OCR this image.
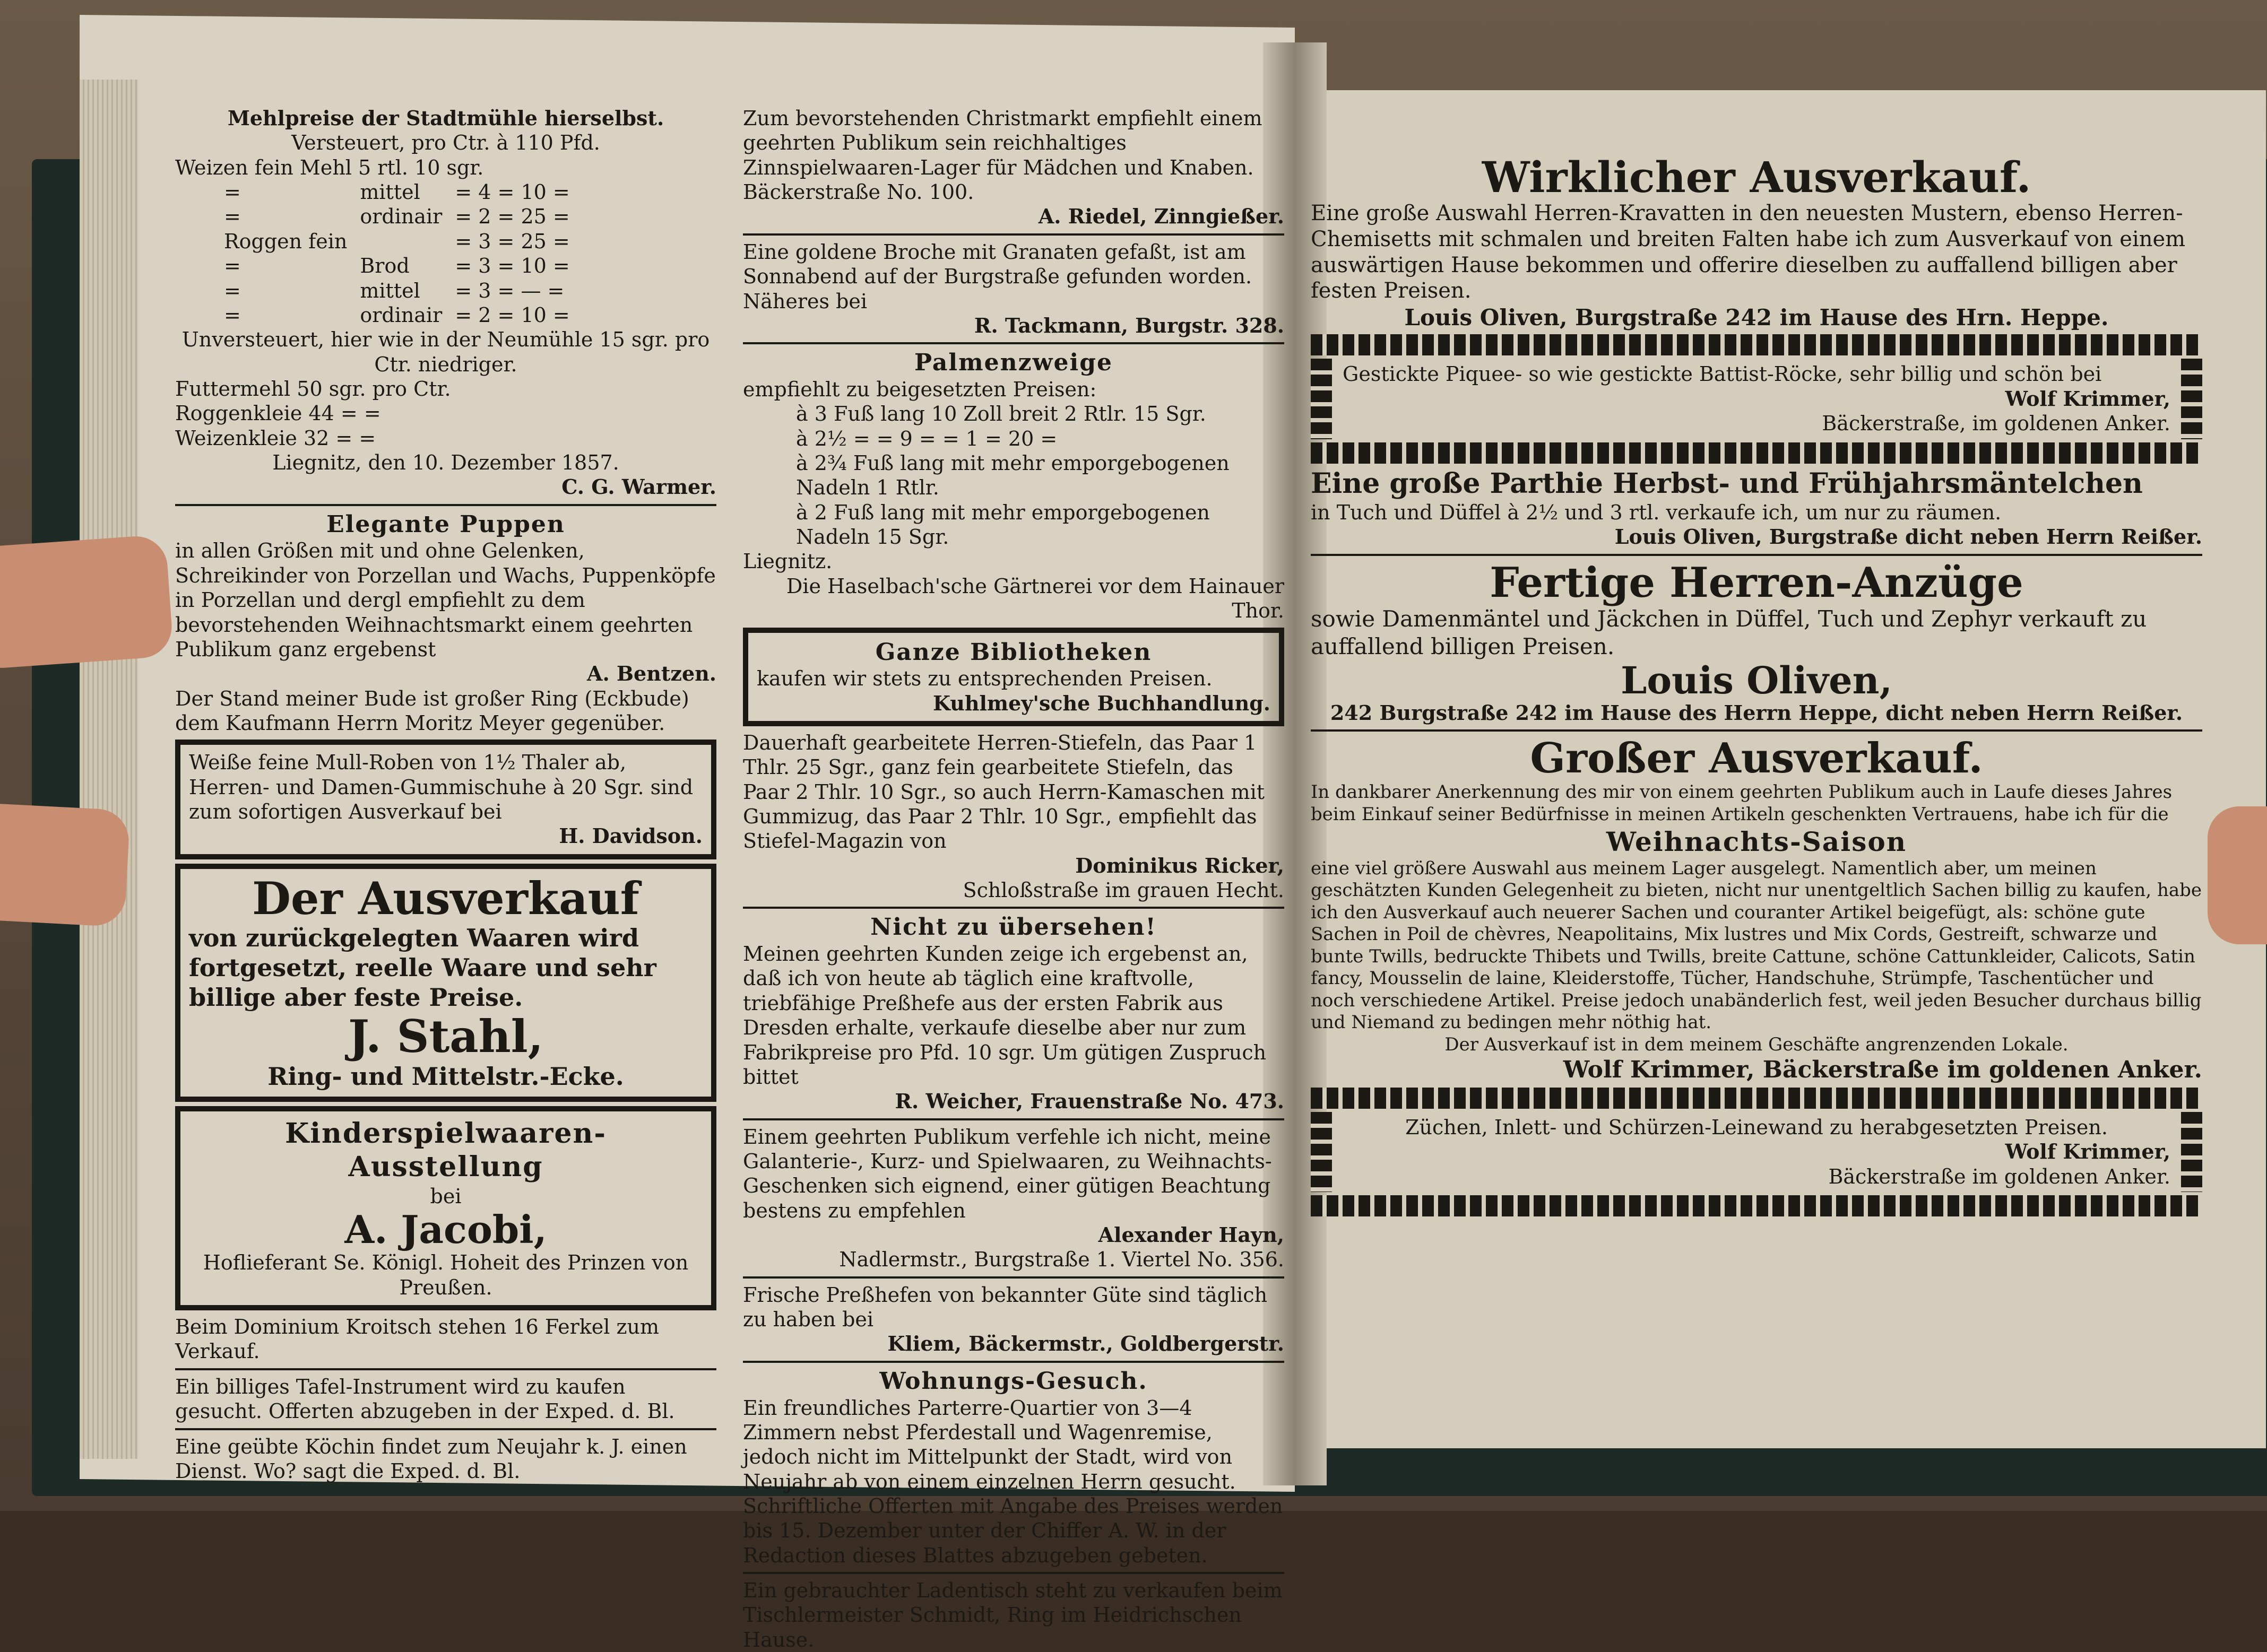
Mehlpreise der Stadtmühle hierselbst.

Versteuert, pro Ctr. à 110 Pfd.

Weizen fein Mehl 5 rtl. 10 sgr.

=	mittel	= 4 = 10 =
=	ordinair	= 2 = 25 =
Roggen fein		= 3 = 25 =
=	Brod	= 3 = 10 =
=	mittel	= 3 = — =
=	ordinair	= 2 = 10 =

Unversteuert, hier wie in der Neumühle 15 sgr. pro Ctr. niedriger.

Futtermehl 50 sgr. pro Ctr.

Roggenkleie 44 = =

Weizenkleie 32 = =

Liegnitz, den 10. Dezember 1857.

C. G. Warmer.

Elegante Puppen

in allen Größen mit und ohne Gelenken, Schreikinder von Porzellan und Wachs, Puppenköpfe in Porzellan und dergl empfiehlt zu dem bevorstehenden Weihnachtsmarkt einem geehrten Publikum ganz ergebenst

A. Bentzen.

Der Stand meiner Bude ist großer Ring (Eckbude) dem Kaufmann Herrn Moritz Meyer gegenüber.

Weiße feine Mull-Roben von 1½ Thaler ab, Herren- und Damen-Gummischuhe à 20 Sgr. sind zum sofortigen Ausverkauf bei

H. Davidson.

Der Ausverkauf

von zurückgelegten Waaren wird fortgesetzt, reelle Waare und sehr billige aber feste Preise.

J. Stahl,

Ring- und Mittelstr.-Ecke.

Kinderspielwaaren-Ausstellung

bei

A. Jacobi,

Hoflieferant Se. Königl. Hoheit des Prinzen von Preußen.

Beim Dominium Kroitsch stehen 16 Ferkel zum Verkauf.

Ein billiges Tafel-Instrument wird zu kaufen gesucht. Offerten abzugeben in der Exped. d. Bl.

Eine geübte Köchin findet zum Neujahr k. J. einen Dienst. Wo? sagt die Exped. d. Bl.

Zum bevorstehenden Christmarkt empfiehlt einem geehrten Publikum sein reichhaltiges Zinnspielwaaren-Lager für Mädchen und Knaben. Bäckerstraße No. 100.

A. Riedel, Zinngießer.

Eine goldene Broche mit Granaten gefaßt, ist am Sonnabend auf der Burgstraße gefunden worden. Näheres bei

R. Tackmann, Burgstr. 328.

Palmenzweige

empfiehlt zu beigesetzten Preisen:

à 3 Fuß lang 10 Zoll breit 2 Rtlr. 15 Sgr.

à 2½ = = 9 = = 1 = 20 =

à 2¾ Fuß lang mit mehr emporgebogenen Nadeln 1 Rtlr.

à 2 Fuß lang mit mehr emporgebogenen Nadeln 15 Sgr.

Liegnitz.

Die Haselbach'sche Gärtnerei vor dem Hainauer Thor.

Ganze Bibliotheken

kaufen wir stets zu entsprechenden Preisen.

Kuhlmey'sche Buchhandlung.

Dauerhaft gearbeitete Herren-Stiefeln, das Paar 1 Thlr. 25 Sgr., ganz fein gearbeitete Stiefeln, das Paar 2 Thlr. 10 Sgr., so auch Herrn-Kamaschen mit Gummizug, das Paar 2 Thlr. 10 Sgr., empfiehlt das Stiefel-Magazin von

Dominikus Ricker,

Schloßstraße im grauen Hecht.

Nicht zu übersehen!

Meinen geehrten Kunden zeige ich ergebenst an, daß ich von heute ab täglich eine kraftvolle, triebfähige Preßhefe aus der ersten Fabrik aus Dresden erhalte, verkaufe dieselbe aber nur zum Fabrikpreise pro Pfd. 10 sgr. Um gütigen Zuspruch bittet

R. Weicher, Frauenstraße No. 473.

Einem geehrten Publikum verfehle ich nicht, meine Galanterie-, Kurz- und Spielwaaren, zu Weihnachts-Geschenken sich eignend, einer gütigen Beachtung bestens zu empfehlen

Alexander Hayn,

Nadlermstr., Burgstraße 1. Viertel No. 356.

Frische Preßhefen von bekannter Güte sind täglich zu haben bei

Kliem, Bäckermstr., Goldbergerstr.

Wohnungs-Gesuch.

Ein freundliches Parterre-Quartier von 3—4 Zimmern nebst Pferdestall und Wagenremise, jedoch nicht im Mittelpunkt der Stadt, wird von Neujahr ab von einem einzelnen Herrn gesucht. Schriftliche Offerten mit Angabe des Preises werden bis 15. Dezember unter der Chiffer A. W. in der Redaction dieses Blattes abzugeben gebeten.

Ein gebrauchter Ladentisch steht zu verkaufen beim Tischlermeister Schmidt, Ring im Heidrichschen Hause.

Wirklicher Ausverkauf.

Eine große Auswahl Herren-Kravatten in den neuesten Mustern, ebenso Herren-Chemisetts mit schmalen und breiten Falten habe ich zum Ausverkauf von einem auswärtigen Hause bekommen und offerire dieselben zu auffallend billigen aber festen Preisen.

Louis Oliven, Burgstraße 242 im Hause des Hrn. Heppe.

Gestickte Piquee- so wie gestickte Battist-Röcke, sehr billig und schön bei

Wolf Krimmer,

Bäckerstraße, im goldenen Anker.

Eine große Parthie Herbst- und Frühjahrsmäntelchen

in Tuch und Düffel à 2½ und 3 rtl. verkaufe ich, um nur zu räumen.

Louis Oliven, Burgstraße dicht neben Herrn Reißer.

Fertige Herren-Anzüge

sowie Damenmäntel und Jäckchen in Düffel, Tuch und Zephyr verkauft zu auffallend billigen Preisen.

Louis Oliven,

242 Burgstraße 242 im Hause des Herrn Heppe, dicht neben Herrn Reißer.

Großer Ausverkauf.

In dankbarer Anerkennung des mir von einem geehrten Publikum auch in Laufe dieses Jahres beim Einkauf seiner Bedürfnisse in meinen Artikeln geschenkten Vertrauens, habe ich für die

Weihnachts-Saison

eine viel größere Auswahl aus meinem Lager ausgelegt. Namentlich aber, um meinen geschätzten Kunden Gelegenheit zu bieten, nicht nur unentgeltlich Sachen billig zu kaufen, habe ich den Ausverkauf auch neuerer Sachen und couranter Artikel beigefügt, als: schöne gute Sachen in Poil de chèvres, Neapolitains, Mix lustres und Mix Cords, Gestreift, schwarze und bunte Twills, bedruckte Thibets und Twills, breite Cattune, schöne Cattunkleider, Calicots, Satin fancy, Mousselin de laine, Kleiderstoffe, Tücher, Handschuhe, Strümpfe, Taschentücher und noch verschiedene Artikel. Preise jedoch unabänderlich fest, weil jeden Besucher durchaus billig und Niemand zu bedingen mehr nöthig hat.

Der Ausverkauf ist in dem meinem Geschäfte angrenzenden Lokale.

Wolf Krimmer, Bäckerstraße im goldenen Anker.

Züchen, Inlett- und Schürzen-Leinewand zu herabgesetzten Preisen.

Wolf Krimmer,

Bäckerstraße im goldenen Anker.
